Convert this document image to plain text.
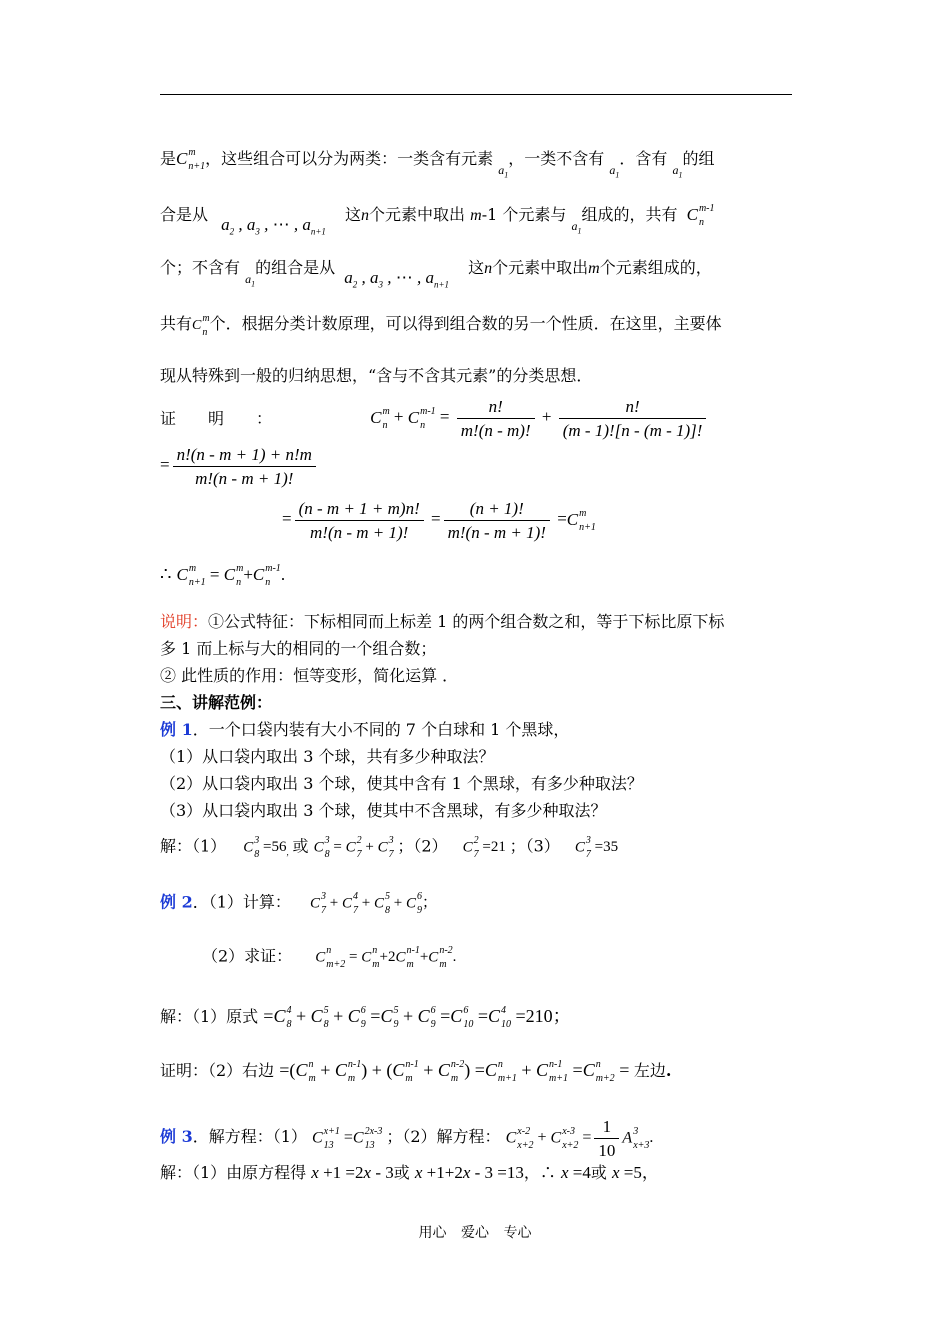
是C m
n+1 ，这些组合可以分为两类：一类含有元素 $_{a_1}$，一类不含有 $_{a_1}$．含有 $_{a_1}$的组
合是从 $a_2$ , $a_3$ , ⋯ , $a_{n+1}$ 这n个元素中取出 m-1 个元素与 $_{a_1}$组成的，共有 C m-1
n
个；不含有 $_{a_1}$的组合是从 $a_2$ , $a_3$ , ⋯ , $a_{n+1}$ 这n个元素中取出m个元素组成的，
共有C m
n 个．根据分类计数原理，可以得到组合数的另一个性质．在这里，主要体
现从特殊到一般的归纳思想，“含与不含其元素”的分类思想．
证　　明　　：	C m
n + C m-1
$n = \frac{n!}{m!(n - m)!} + \frac{n!}{(m - 1)![n - (m - 1)]!}$
= $\frac{n!(n - m + 1) + n!m}{m!(n - m + 1)!}$
= $\frac{(n - m + 1 + m)n!}{m!(n - m + 1)!} = \frac{(n + 1)!}{m!(n - m + 1)!} =C$ m
n+1
∴ C m
n+1 = C m
n +C m-1
n .
说明：①公式特征：下标相同而上标差 1 的两个组合数之和，等于下标比原下标
多 1 而上标与大的相同的一个组合数；
② 此性质的作用：恒等变形，简化运算 ．
三、讲解范例：
例 1．一个口袋内装有大小不同的 7 个白球和 1 个黑球，
（1）从口袋内取出 3 个球，共有多少种取法？
（2）从口袋内取出 3 个球，使其中含有 1 个黑球，有多少种取法？
（3）从口袋内取出 3 个球，使其中不含黑球，有多少种取法？
解：（1） C 3
$8 =56_,$ 或 C 3
8 = C 2
7 + C 3
7 ；（2） C 2
7 =21 ；（3） C 3
7 =35
例 2．（1）计算： C 3
7 + C 4
7 + C 5
8 + C 6
9 ；
（2）求证： C n
m+2 = C n
m +2C n-1
m +C n-2
m .
解：（1）原式 =C 4
8 + C 5
8 + C 6
9 =C 5
9 + C 6
9 =C 6
10 =C 4
10 =210；
证明：（2）右边 =(C n
m + C n-1
m ) + (C n-1
m + C n-2
m ) =C n
m+1 + C n-1
m+1 =C n
m+2 = 左边.
例 3．解方程：（1） C x+1
13 =C 2x-3
13 ；（2）解方程： C x-2
x+2 + C x-3
$x+2 = \frac{1}{10}$ A 3
x+3 .
解：（1）由原方程得 x +1 =2x - 3或 x +1+2x - 3 =13，∴ x =4或 x =5，
用心 爱心 专心
